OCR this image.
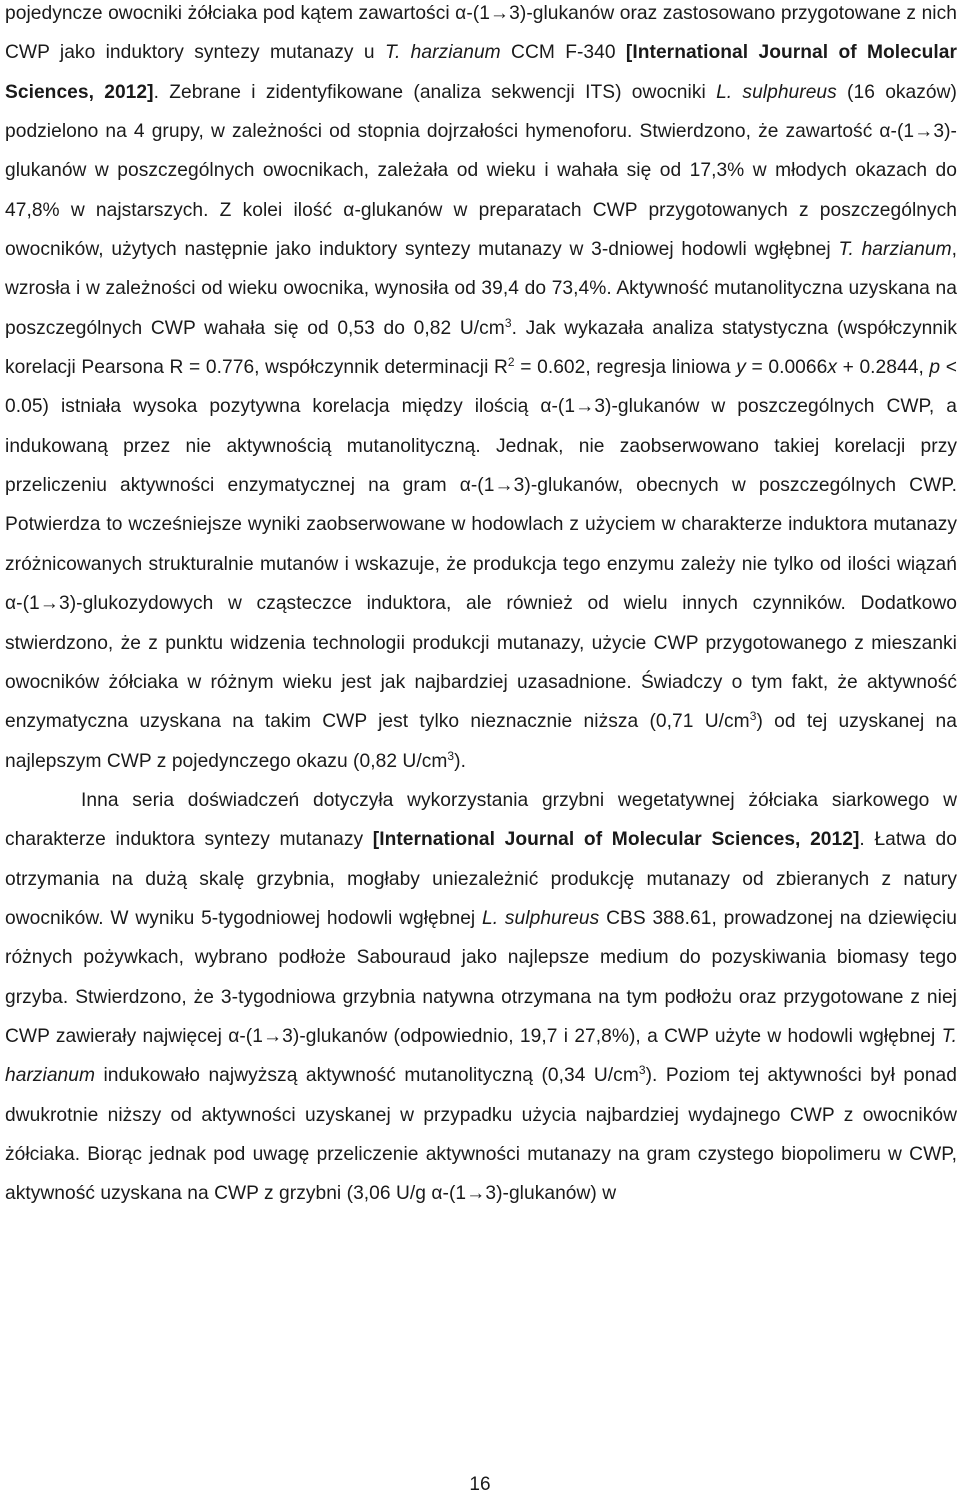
pojedyncze owocniki żółciaka pod kątem zawartości α-(1→3)-glukanów oraz zastosowano przygotowane z nich CWP jako induktory syntezy mutanazy u T. harzianum CCM F-340 [International Journal of Molecular Sciences, 2012]. Zebrane i zidentyfikowane (analiza sekwencji ITS) owocniki L. sulphureus (16 okazów) podzielono na 4 grupy, w zależności od stopnia dojrzałości hymenoforu. Stwierdzono, że zawartość α-(1→3)-glukanów w poszczególnych owocnikach, zależała od wieku i wahała się od 17,3% w młodych okazach do 47,8% w najstarszych. Z kolei ilość α-glukanów w preparatach CWP przygotowanych z poszczególnych owocników, użytych następnie jako induktory syntezy mutanazy w 3-dniowej hodowli wgłębnej T. harzianum, wzrosła i w zależności od wieku owocnika, wynosiła od 39,4 do 73,4%. Aktywność mutanolityczna uzyskana na poszczególnych CWP wahała się od 0,53 do 0,82 $U/cm^3$. Jak wykazała analiza statystyczna (współczynnik korelacji Pearsona R = 0.776, współczynnik determinacji $R^2 = 0.602$, regresja liniowa y = 0.0066x + 0.2844, p < 0.05) istniała wysoka pozytywna korelacja między ilością α-(1→3)-glukanów w poszczególnych CWP, a indukowaną przez nie aktywnością mutanolityczną. Jednak, nie zaobserwowano takiej korelacji przy przeliczeniu aktywności enzymatycznej na gram α-(1→3)-glukanów, obecnych w poszczególnych CWP. Potwierdza to wcześniejsze wyniki zaobserwowane w hodowlach z użyciem w charakterze induktora mutanazy zróżnicowanych strukturalnie mutanów i wskazuje, że produkcja tego enzymu zależy nie tylko od ilości wiązań α-(1→3)-glukozydowych w cząsteczce induktora, ale również od wielu innych czynników. Dodatkowo stwierdzono, że z punktu widzenia technologii produkcji mutanazy, użycie CWP przygotowanego z mieszanki owocników żółciaka w różnym wieku jest jak najbardziej uzasadnione. Świadczy o tym fakt, że aktywność enzymatyczna uzyskana na takim CWP jest tylko nieznacznie niższa (0,71 $U/cm^3$) od tej uzyskanej na najlepszym CWP z pojedynczego okazu (0,82 $U/cm^3$).

Inna seria doświadczeń dotyczyła wykorzystania grzybni wegetatywnej żółciaka siarkowego w charakterze induktora syntezy mutanazy [International Journal of Molecular Sciences, 2012]. Łatwa do otrzymania na dużą skalę grzybnia, mogłaby uniezależnić produkcję mutanazy od zbieranych z natury owocników. W wyniku 5-tygodniowej hodowli wgłębnej L. sulphureus CBS 388.61, prowadzonej na dziewięciu różnych pożywkach, wybrano podłoże Sabouraud jako najlepsze medium do pozyskiwania biomasy tego grzyba. Stwierdzono, że 3-tygodniowa grzybnia natywna otrzymana na tym podłożu oraz przygotowane z niej CWP zawierały najwięcej α-(1→3)-glukanów (odpowiednio, 19,7 i 27,8%), a CWP użyte w hodowli wgłębnej T. harzianum indukowało najwyższą aktywność mutanolityczną (0,34 $U/cm^3$). Poziom tej aktywności był ponad dwukrotnie niższy od aktywności uzyskanej w przypadku użycia najbardziej wydajnego CWP z owocników żółciaka. Biorąc jednak pod uwagę przeliczenie aktywności mutanazy na gram czystego biopolimeru w CWP, aktywność uzyskana na CWP z grzybni (3,06 U/g α-(1→3)-glukanów) w

16
